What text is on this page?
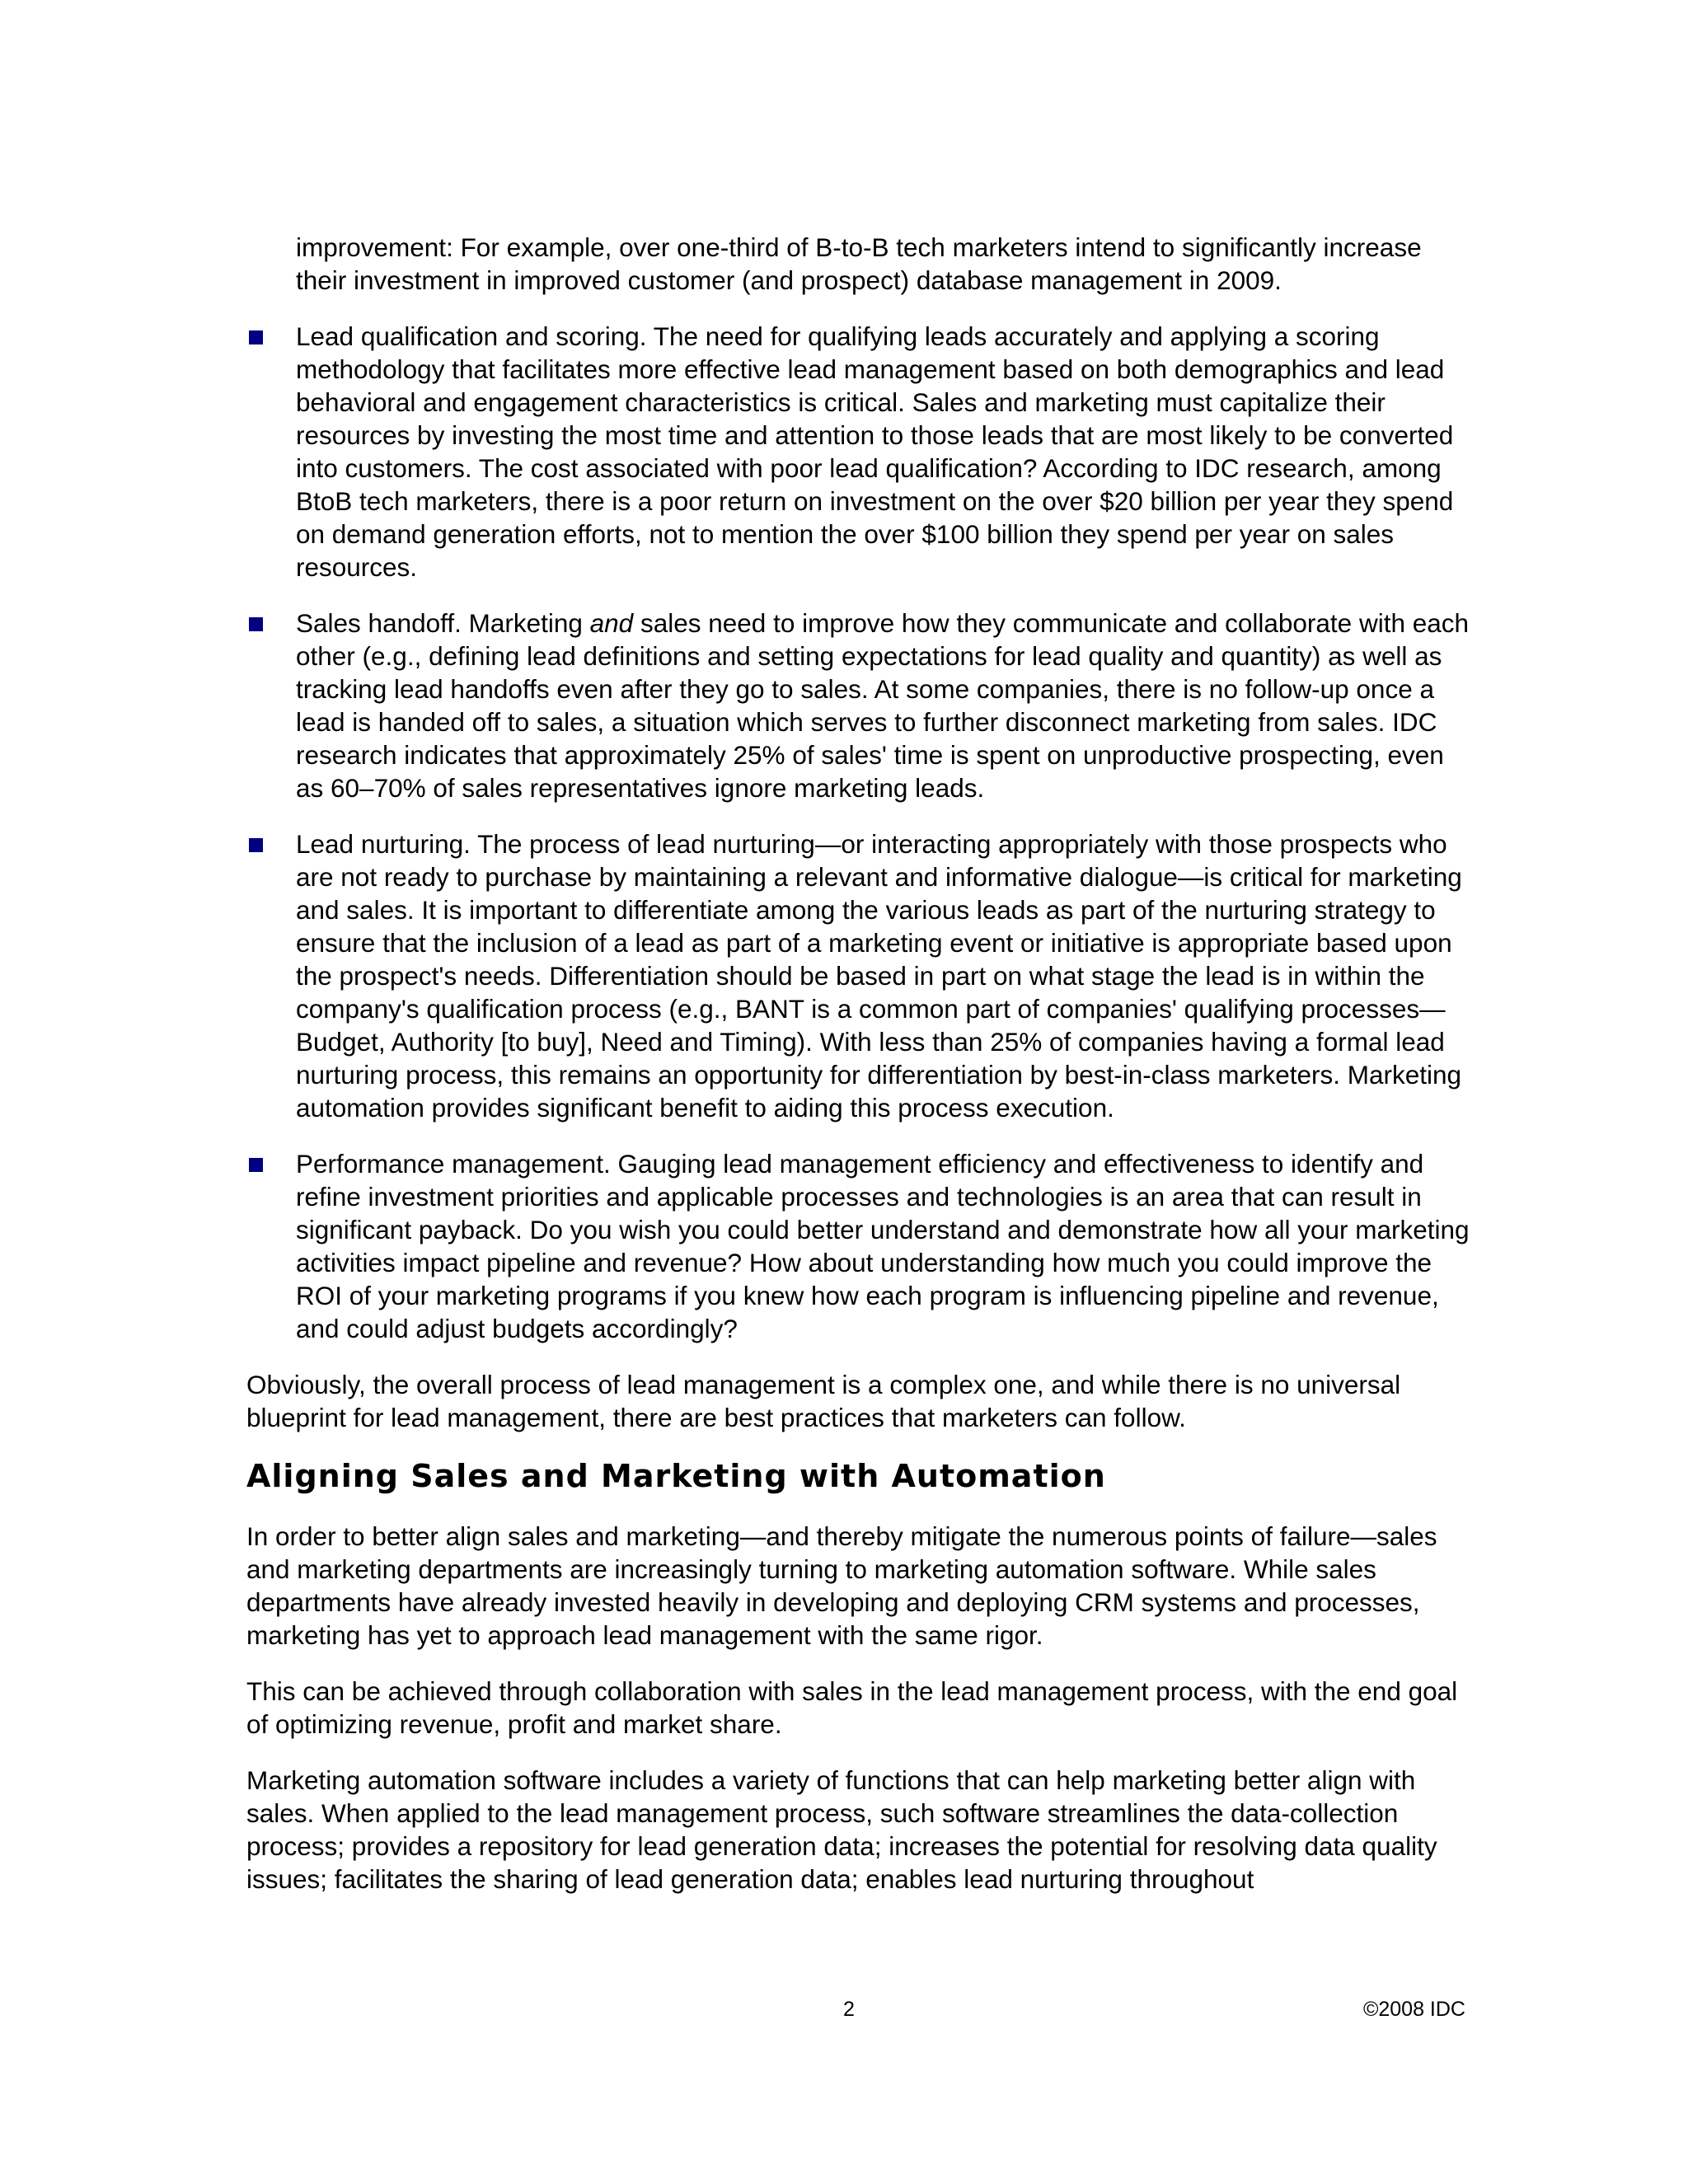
improvement: For example, over one-third of B-to-B tech marketers intend to significantly increase their investment in improved customer (and prospect) database management in 2009.

Lead qualification and scoring. The need for qualifying leads accurately and applying a scoring methodology that facilitates more effective lead management based on both demographics and lead behavioral and engagement characteristics is critical. Sales and marketing must capitalize their resources by investing the most time and attention to those leads that are most likely to be converted into customers. The cost associated with poor lead qualification? According to IDC research, among BtoB tech marketers, there is a poor return on investment on the over $20 billion per year they spend on demand generation efforts, not to mention the over $100 billion they spend per year on sales resources.
Sales handoff. Marketing and sales need to improve how they communicate and collaborate with each other (e.g., defining lead definitions and setting expectations for lead quality and quantity) as well as tracking lead handoffs even after they go to sales. At some companies, there is no follow-up once a lead is handed off to sales, a situation which serves to further disconnect marketing from sales. IDC research indicates that approximately 25% of sales' time is spent on unproductive prospecting, even as 60–70% of sales representatives ignore marketing leads.
Lead nurturing. The process of lead nurturing—or interacting appropriately with those prospects who are not ready to purchase by maintaining a relevant and informative dialogue—is critical for marketing and sales. It is important to differentiate among the various leads as part of the nurturing strategy to ensure that the inclusion of a lead as part of a marketing event or initiative is appropriate based upon the prospect's needs. Differentiation should be based in part on what stage the lead is in within the company's qualification process (e.g., BANT is a common part of companies' qualifying processes—Budget, Authority [to buy], Need and Timing). With less than 25% of companies having a formal lead nurturing process, this remains an opportunity for differentiation by best-in-class marketers. Marketing automation provides significant benefit to aiding this process execution.
Performance management. Gauging lead management efficiency and effectiveness to identify and refine investment priorities and applicable processes and technologies is an area that can result in significant payback. Do you wish you could better understand and demonstrate how all your marketing activities impact pipeline and revenue? How about understanding how much you could improve the ROI of your marketing programs if you knew how each program is influencing pipeline and revenue, and could adjust budgets accordingly?

Obviously, the overall process of lead management is a complex one, and while there is no universal blueprint for lead management, there are best practices that marketers can follow.

Aligning Sales and Marketing with Automation

In order to better align sales and marketing—and thereby mitigate the numerous points of failure—sales and marketing departments are increasingly turning to marketing automation software. While sales departments have already invested heavily in developing and deploying CRM systems and processes, marketing has yet to approach lead management with the same rigor.

This can be achieved through collaboration with sales in the lead management process, with the end goal of optimizing revenue, profit and market share.

Marketing automation software includes a variety of functions that can help marketing better align with sales. When applied to the lead management process, such software streamlines the data-collection process; provides a repository for lead generation data; increases the potential for resolving data quality issues; facilitates the sharing of lead generation data; enables lead nurturing throughout

2	©2008 IDC
